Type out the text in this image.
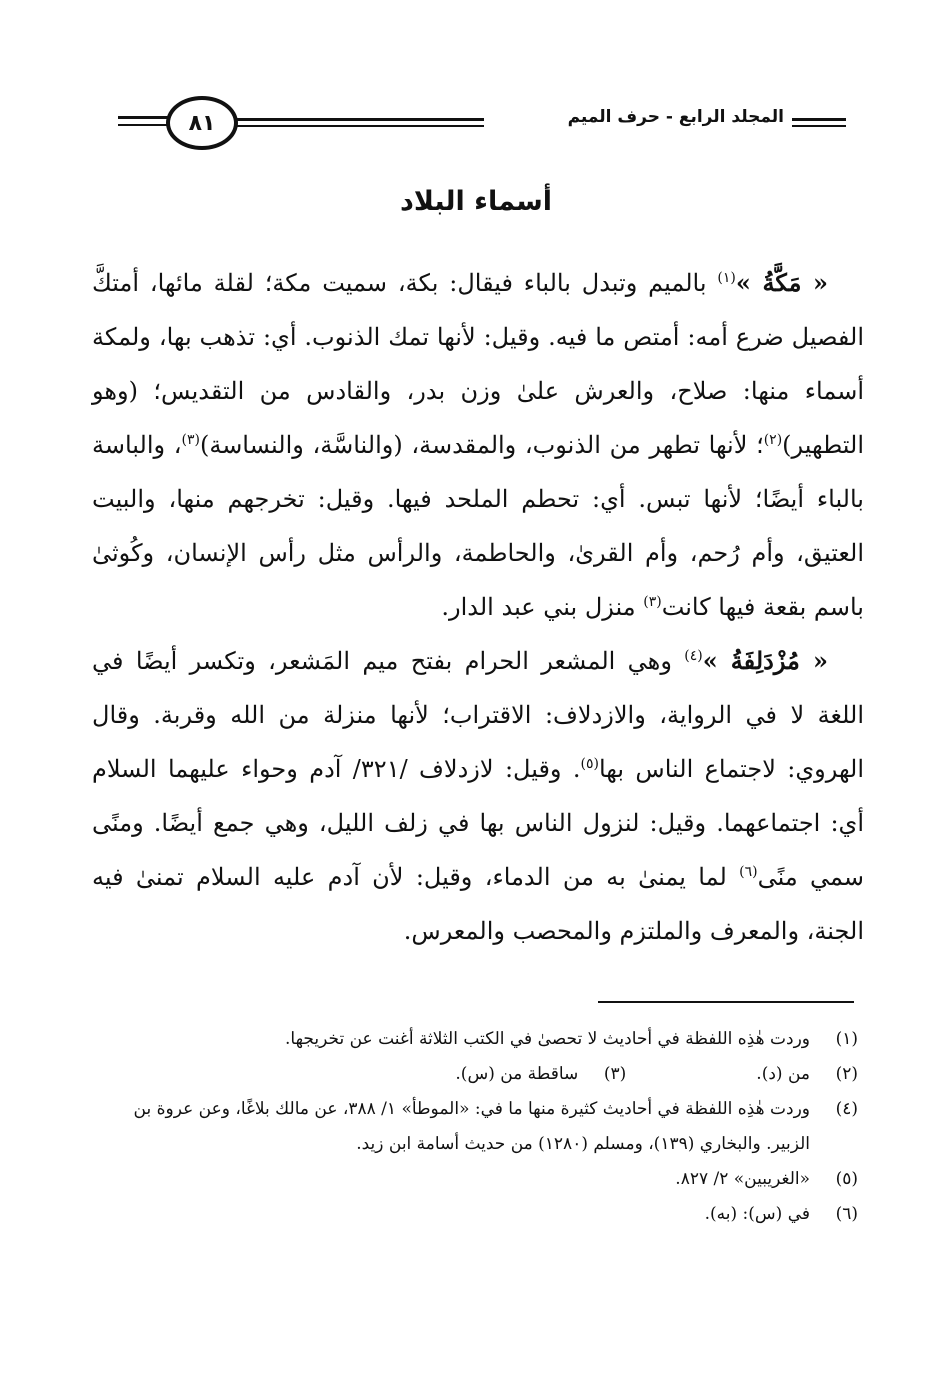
٨١	المجلد الرابع - حرف الميم
أسماء البلاد

« مَكَّةُ »$^{(١)}$ بالميم وتبدل بالباء فيقال: بكة، سميت مكة؛ لقلة مائها، أمتكَّ الفصيل ضرع أمه: أمتص ما فيه. وقيل: لأنها تمك الذنوب. أي: تذهب بها، ولمكة أسماء منها: صلاح، والعرش علىٰ وزن بدر، والقادس من التقديس؛ (وهو التطهير)$^{(٢)}$؛ لأنها تطهر من الذنوب، والمقدسة، (والناسَّة، والنساسة)$^{(٣)}$، والباسة بالباء أيضًا؛ لأنها تبس. أي: تحطم الملحد فيها. وقيل: تخرجهم منها، والبيت العتيق، وأم رُحم، وأم القرىٰ، والحاطمة، والرأس مثل رأس الإنسان، وكُوثىٰ باسم بقعة فيها كانت$^{(٣)}$ منزل بني عبد الدار.

« مُزْدَلِفَةُ »$^{(٤)}$ وهي المشعر الحرام بفتح ميم المَشعر، وتكسر أيضًا في اللغة لا في الرواية، والازدلاف: الاقتراب؛ لأنها منزلة من الله وقربة. وقال الهروي: لاجتماع الناس بها$^{(٥)}$. وقيل: لازدلاف /٣٢١/ آدم وحواء عليهما السلام أي: اجتماعهما. وقيل: لنزول الناس بها في زلف الليل، وهي جمع أيضًا. ومنًى سمي منًى$^{(٦)}$ لما يمنىٰ به من الدماء، وقيل: لأن آدم عليه السلام تمنىٰ فيه الجنة، والمعرف والملتزم والمحصب والمعرس.

(١)
وردت هٰذِه اللفظة في أحاديث لا تحصىٰ في الكتب الثلاثة أغنت عن تخريجها.
(٢)
من (د).
(٣)
ساقطة من (س).
(٤)
وردت هٰذِه اللفظة في أحاديث كثيرة منها ما في: «الموطأ» ١/ ٣٨٨، عن مالك بلاغًا، وعن عروة بن الزبير. والبخاري (١٣٩)، ومسلم (١٢٨٠) من حديث أسامة ابن زيد.
(٥)
«الغريبين» ٢/ ٨٢٧.
(٦)
في (س): (به).
